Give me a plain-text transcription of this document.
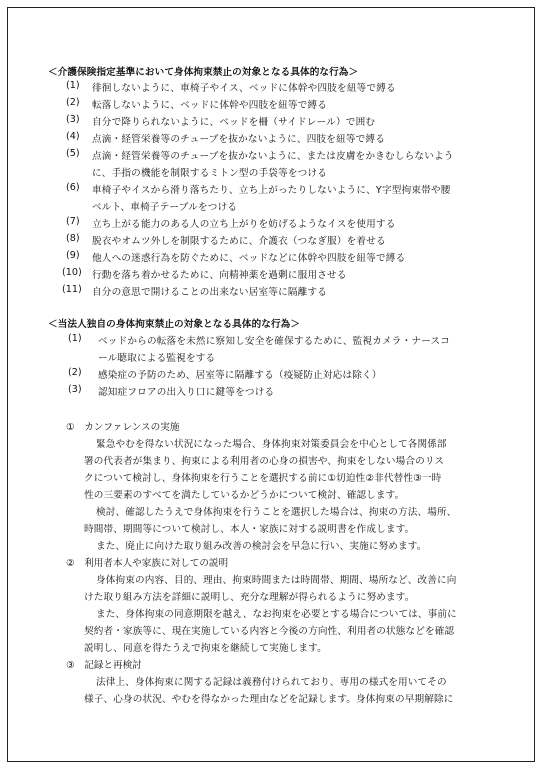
＜介護保険指定基準において身体拘束禁止の対象となる具体的な行為＞
(1) 徘徊しないように、車椅子やイス、ベッドに体幹や四肢を紐等で縛る
(2) 転落しないように、ベッドに体幹や四肢を紐等で縛る
(3) 自分で降りられないように、ベッドを柵（サイドレール）で囲む
(4) 点滴・経管栄養等のチューブを抜かないように、四肢を紐等で縛る
(5) 点滴・経管栄養等のチューブを抜かないように、または皮膚をかきむしらないよう
に、手指の機能を制限するミトン型の手袋等をつける
(6) 車椅子やイスから滑り落ちたり、立ち上がったりしないように、Y字型拘束帯や腰
ベルト、車椅子テーブルをつける
(7) 立ち上がる能力のある人の立ち上がりを妨げるようなイスを使用する
(8) 脱衣やオムツ外しを制限するために、介護衣（つなぎ服）を着せる
(9) 他人への迷惑行為を防ぐために、ベッドなどに体幹や四肢を紐等で縛る
(10) 行動を落ち着かせるために、向精神薬を過剰に服用させる
(11) 自分の意思で開けることの出来ない居室等に隔離する
＜当法人独自の身体拘束禁止の対象となる具体的な行為＞
(1) ベッドからの転落を未然に察知し安全を確保するために、監視カメラ・ナースコ
ール聴取による監視をする
(2) 感染症の予防のため、居室等に隔離する（疫疑防止対応は除く）
(3) 認知症フロアの出入り口に鍵等をつける
①　カンファレンスの実施
緊急やむを得ない状況になった場合、身体拘束対策委員会を中心として各関係部
署の代表者が集まり、拘束による利用者の心身の損害や、拘束をしない場合のリス
クについて検討し、身体拘束を行うことを選択する前に①切迫性②非代替性③一時
性の三要素のすべてを満たしているかどうかについて検討、確認します。
検討、確認したうえで身体拘束を行うことを選択した場合は、拘束の方法、場所、
時間帯、期間等について検討し、本人・家族に対する説明書を作成します。
また、廃止に向けた取り組み改善の検討会を早急に行い、実施に努めます。
②　利用者本人や家族に対しての説明
身体拘束の内容、目的、理由、拘束時間または時間帯、期間、場所など、改善に向
けた取り組み方法を詳細に説明し、充分な理解が得られるように努めます。
また、身体拘束の同意期限を越え、なお拘束を必要とする場合については、事前に
契約者・家族等に、現在実施している内容と今後の方向性、利用者の状態などを確認
説明し、同意を得たうえで拘束を継続して実施します。
③　記録と再検討
法律上、身体拘束に関する記録は義務付けられており、専用の様式を用いてその
様子、心身の状況、やむを得なかった理由などを記録します。身体拘束の早期解除に
